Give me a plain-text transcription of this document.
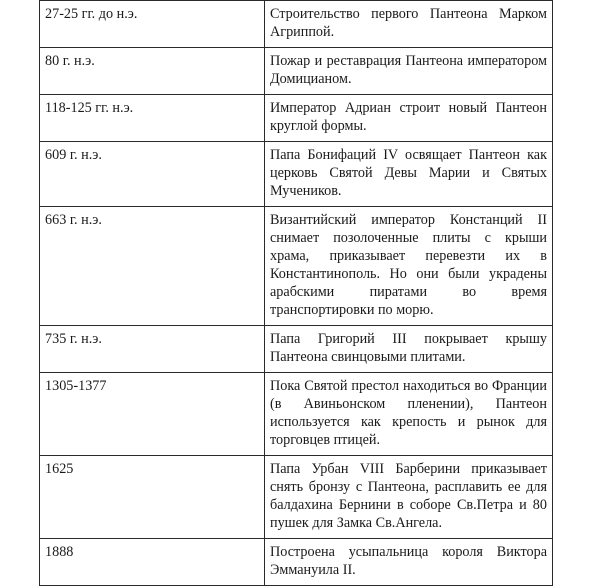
27-25 гг. до н.э.	Строительство первого Пантеона Марком Агриппой.
80 г. н.э.	Пожар и реставрация Пантеона императором Домицианом.
118-125 гг. н.э.	Император Адриан строит новый Пантеон круглой формы.
609 г. н.э.	Папа Бонифаций IV освящает Пантеон как церковь Святой Девы Марии и Святых Мучеников.
663 г. н.э.	Византийский император Констанций II снимает позолоченные плиты с крыши храма, приказывает перевезти их в Константинополь. Но они были украдены арабскими пиратами во время транспортировки по морю.
735 г. н.э.	Папа Григорий III покрывает крышу Пантеона свинцовыми плитами.
1305-1377	Пока Святой престол находиться во Франции (в Авиньонском пленении), Пантеон используется как крепость и рынок для торговцев птицей.
1625	Папа Урбан VIII Барберини приказывает снять бронзу с Пантеона, расплавить ее для балдахина Бернини в соборе Св.Петра и 80 пушек для Замка Св.Ангела.
1888	Построена усыпальница короля Виктора Эммануила II.
